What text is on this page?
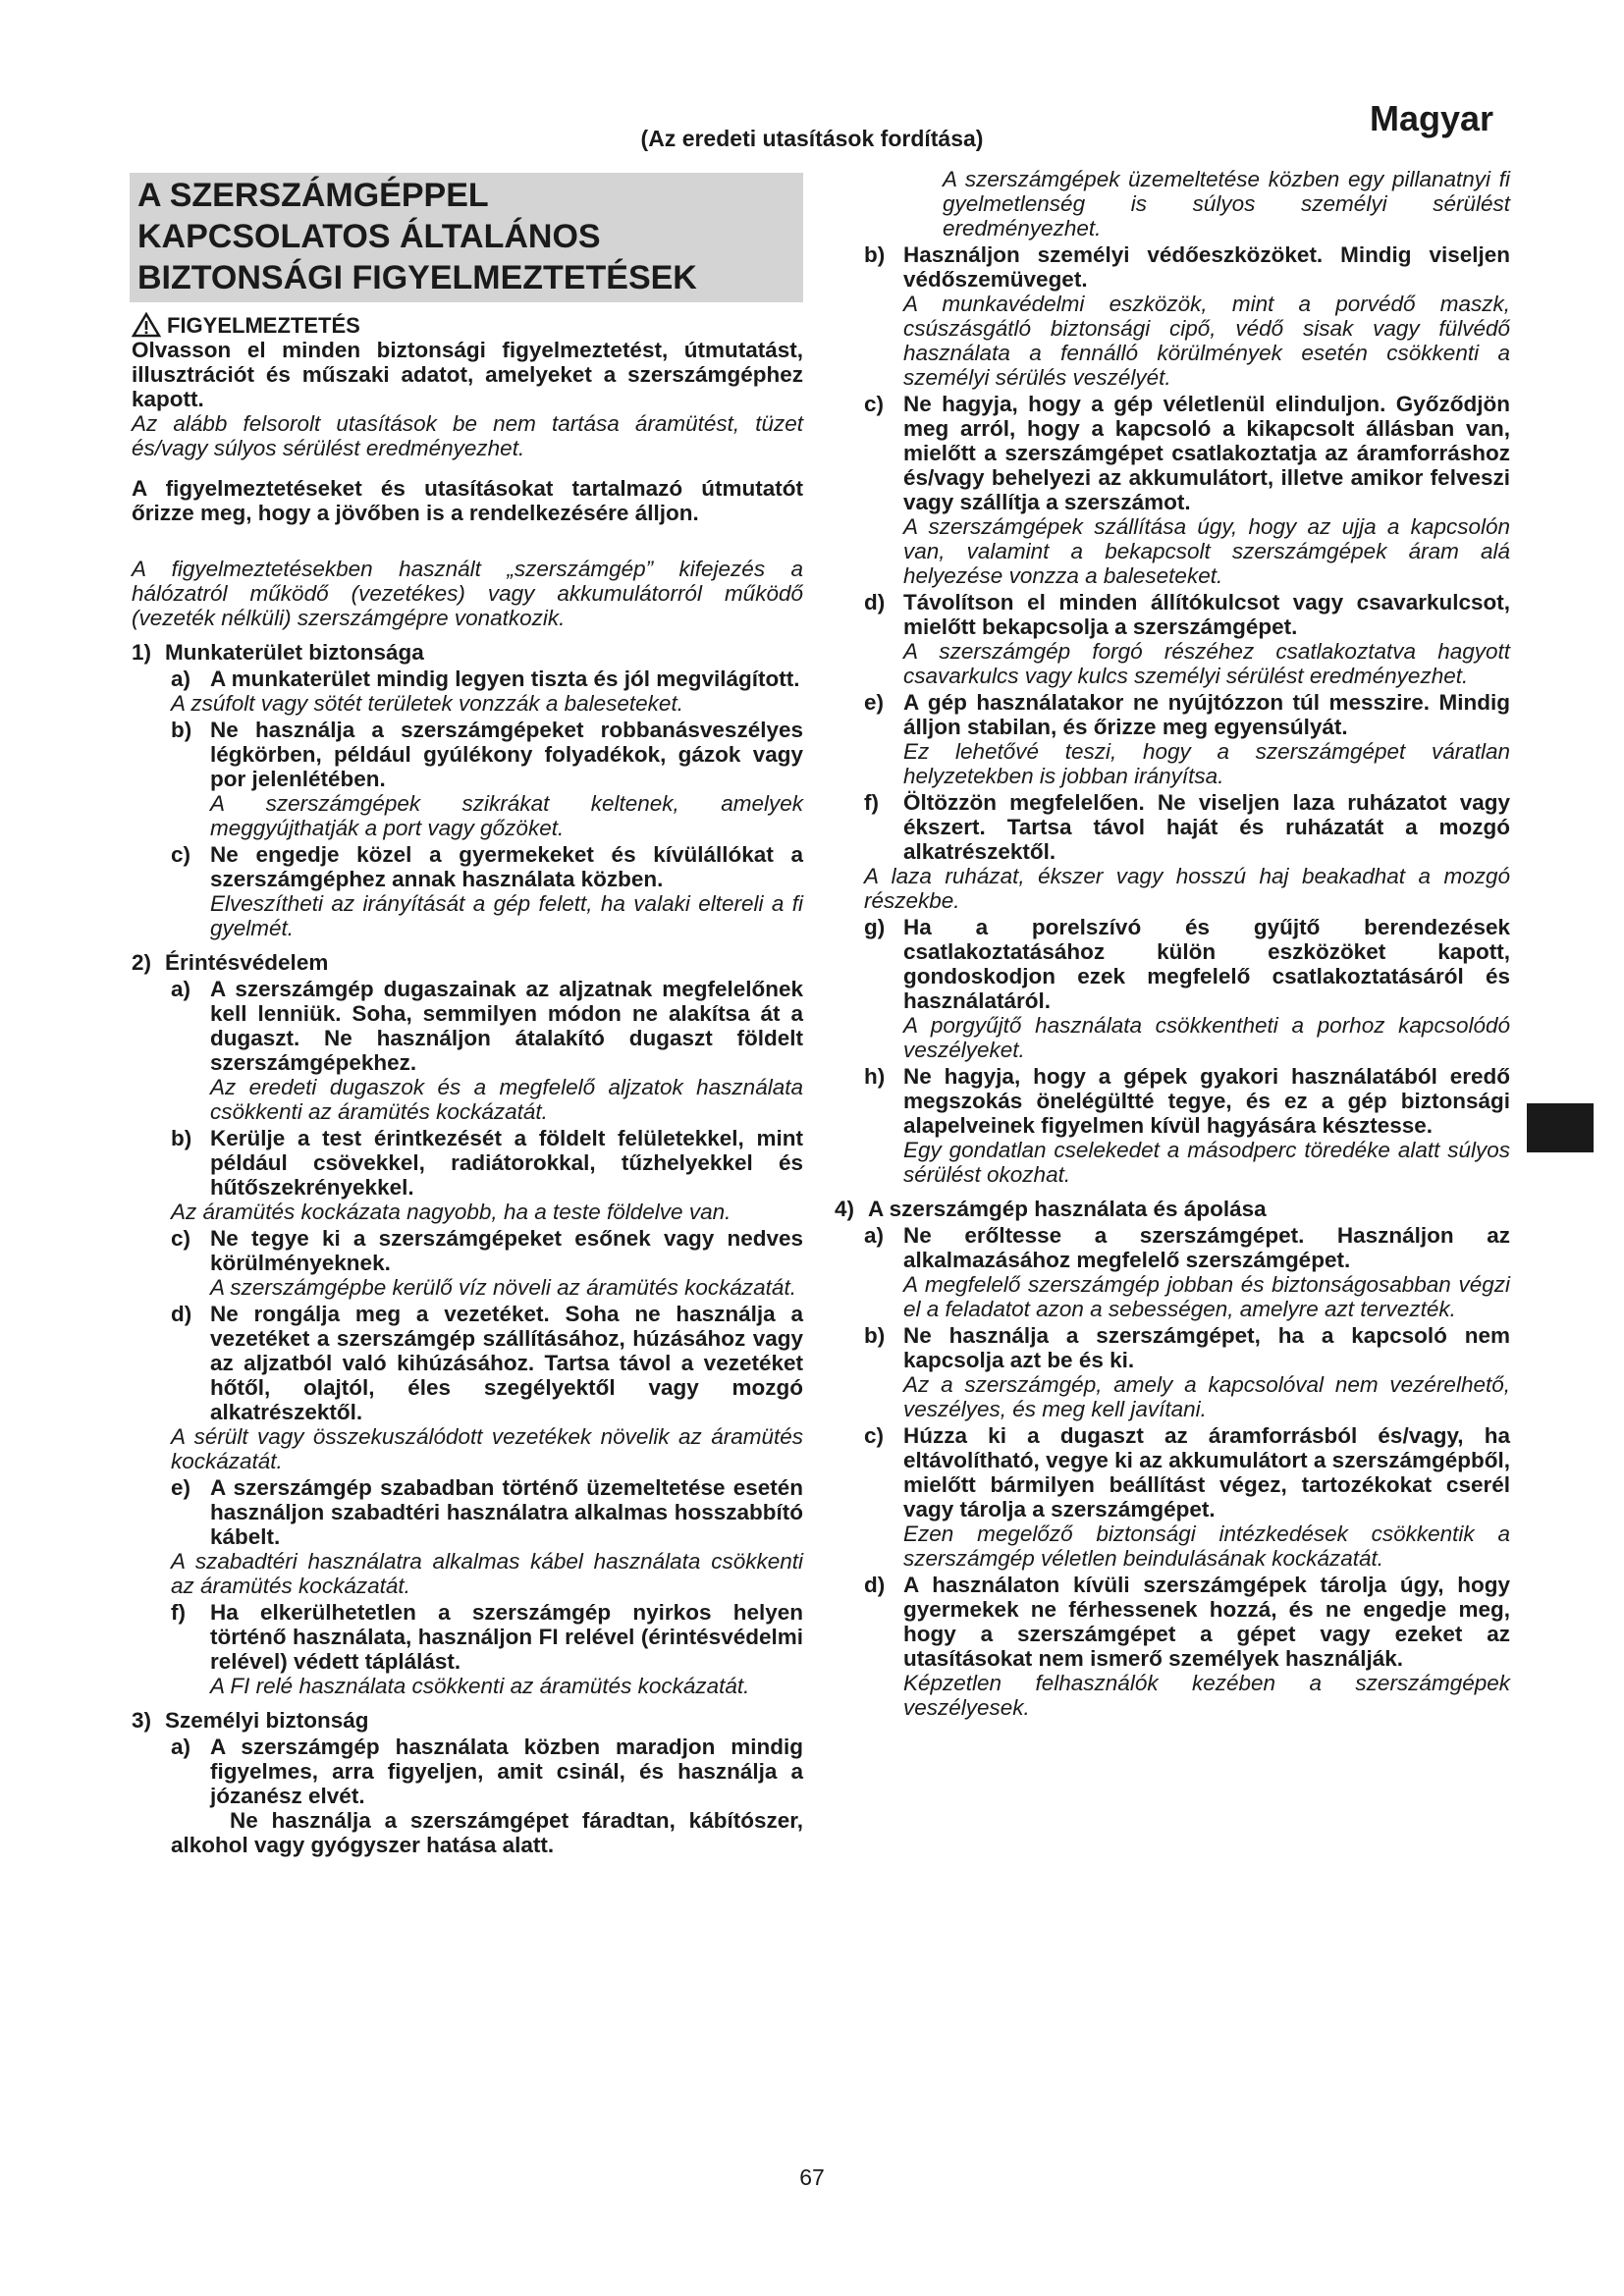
Magyar
(Az eredeti utasítások fordítása)
A SZERSZÁMGÉPPEL
KAPCSOLATOS ÁLTALÁNOS
BIZTONSÁGI FIGYELMEZTETÉSEK
FIGYELMEZTETÉS

Olvasson el minden biztonsági figyelmeztetést, útmutatást, illusztrációt és műszaki adatot, amelyeket a szerszámgéphez kapott.

Az alább felsorolt utasítások be nem tartása áramütést, tüzet és/vagy súlyos sérülést eredményezhet.

A figyelmeztetéseket és utasításokat tartalmazó útmutatót őrizze meg, hogy a jövőben is a rendelkezésére álljon.

A figyelmeztetésekben használt „szerszámgép” kifejezés a hálózatról működő (vezetékes) vagy akkumulátorról működő (vezeték nélküli) szerszámgépre vonatkozik.

1) Munkaterület biztonsága
a) A munkaterület mindig legyen tiszta és jól megvilágított.

A zsúfolt vagy sötét területek vonzzák a baleseteket.

b) Ne használja a szerszámgépeket robbanásveszélyes légkörben, például gyúlékony folyadékok, gázok vagy por jelenlétében.

A szerszámgépek szikrákat keltenek, amelyek meggyújthatják a port vagy gőzöket.

c) Ne engedje közel a gyermekeket és kívülállókat a szerszámgéphez annak használata közben.

Elveszítheti az irányítását a gép felett, ha valaki eltereli a fi gyelmét.

2) Érintésvédelem
a) A szerszámgép dugaszainak az aljzatnak megfelelőnek kell lenniük. Soha, semmilyen módon ne alakítsa át a dugaszt. Ne használjon átalakító dugaszt földelt szerszámgépekhez.

Az eredeti dugaszok és a megfelelő aljzatok használata csökkenti az áramütés kockázatát.

b) Kerülje a test érintkezését a földelt felületekkel, mint például csövekkel, radiátorokkal, tűzhelyekkel és hűtőszekrényekkel.

Az áramütés kockázata nagyobb, ha a teste földelve van.

c) Ne tegye ki a szerszámgépeket esőnek vagy nedves körülményeknek.

A szerszámgépbe kerülő víz növeli az áramütés kockázatát.

d) Ne rongálja meg a vezetéket. Soha ne használja a vezetéket a szerszámgép szállításához, húzásához vagy az aljzatból való kihúzásához. Tartsa távol a vezetéket hőtől, olajtól, éles szegélyektől vagy mozgó alkatrészektől.

A sérült vagy összekuszálódott vezetékek növelik az áramütés kockázatát.

e) A szerszámgép szabadban történő üzemeltetése esetén használjon szabadtéri használatra alkalmas hosszabbító kábelt.

A szabadtéri használatra alkalmas kábel használata csökkenti az áramütés kockázatát.

f)	Ha elkerülhetetlen a szerszámgép nyirkos helyen történő használata, használjon FI relével (érintésvédelmi relével) védett táplálást.

A FI relé használata csökkenti az áramütés kockázatát.

3) Személyi biztonság
a) A szerszámgép használata közben maradjon mindig figyelmes, arra figyeljen, amit csinál, és használja a józanész elvét.

Ne használja a szerszámgépet fáradtan, kábítószer, alkohol vagy gyógyszer hatása alatt.

A szerszámgépek üzemeltetése közben egy pillanatnyi fi gyelmetlenség is súlyos személyi sérülést eredményezhet.

b) Használjon személyi védőeszközöket. Mindig viseljen védőszemüveget.

A munkavédelmi eszközök, mint a porvédő maszk, csúszásgátló biztonsági cipő, védő sisak vagy fülvédő használata a fennálló körülmények esetén csökkenti a személyi sérülés veszélyét.

c) Ne hagyja, hogy a gép véletlenül elinduljon. Győződjön meg arról, hogy a kapcsoló a kikapcsolt állásban van, mielőtt a szerszámgépet csatlakoztatja az áramforráshoz és/vagy behelyezi az akkumulátort, illetve amikor felveszi vagy szállítja a szerszámot.

A szerszámgépek szállítása úgy, hogy az ujja a kapcsolón van, valamint a bekapcsolt szerszámgépek áram alá helyezése vonzza a baleseteket.

d) Távolítson el minden állítókulcsot vagy csavarkulcsot, mielőtt bekapcsolja a szerszámgépet.

A szerszámgép forgó részéhez csatlakoztatva hagyott csavarkulcs vagy kulcs személyi sérülést eredményezhet.

e) A gép használatakor ne nyújtózzon túl messzire. Mindig álljon stabilan, és őrizze meg egyensúlyát.

Ez lehetővé teszi, hogy a szerszámgépet váratlan helyzetekben is jobban irányítsa.

f)	Öltözzön megfelelően. Ne viseljen laza ruházatot vagy ékszert. Tartsa távol haját és ruházatát a mozgó alkatrészektől.

A laza ruházat, ékszer vagy hosszú haj beakadhat a mozgó részekbe.

g) Ha a porelszívó és gyűjtő berendezések csatlakoztatásához külön eszközöket kapott, gondoskodjon ezek megfelelő csatlakoztatásáról és használatáról.

A porgyűjtő használata csökkentheti a porhoz kapcsolódó veszélyeket.

h) Ne hagyja, hogy a gépek gyakori használatából eredő megszokás önelégültté tegye, és ez a gép biztonsági alapelveinek figyelmen kívül hagyására késztesse.

Egy gondatlan cselekedet a másodperc töredéke alatt súlyos sérülést okozhat.

4) A szerszámgép használata és ápolása
a) Ne erőltesse a szerszámgépet. Használjon az alkalmazásához megfelelő szerszámgépet.

A megfelelő szerszámgép jobban és biztonságosabban végzi el a feladatot azon a sebességen, amelyre azt tervezték.

b) Ne használja a szerszámgépet, ha a kapcsoló nem kapcsolja azt be és ki.

Az a szerszámgép, amely a kapcsolóval nem vezérelhető, veszélyes, és meg kell javítani.

c) Húzza ki a dugaszt az áramforrásból és/vagy, ha eltávolítható, vegye ki az akkumulátort a szerszámgépből, mielőtt bármilyen beállítást végez, tartozékokat cserél vagy tárolja a szerszámgépet.

Ezen megelőző biztonsági intézkedések csökkentik a szerszámgép véletlen beindulásának kockázatát.

d) A használaton kívüli szerszámgépek tárolja úgy, hogy gyermekek ne férhessenek hozzá, és ne engedje meg, hogy a szerszámgépet a gépet vagy ezeket az utasításokat nem ismerő személyek használják.

Képzetlen felhasználók kezében a szerszámgépek veszélyesek.

67
